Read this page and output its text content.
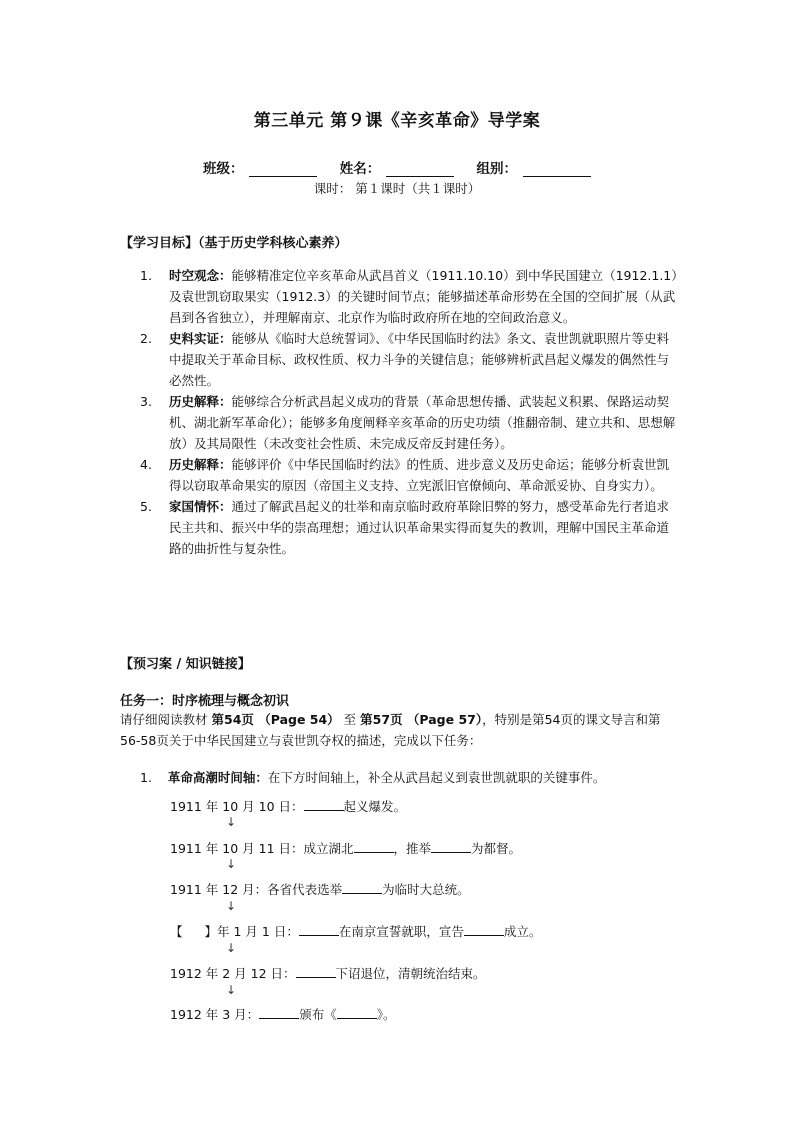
第三单元 第９课《辛亥革命》导学案
班级：	姓名：	组别：
课时： 第１课时（共１课时）
【学习目标】（基于历史学科核心素养）
1. 时空观念：能够精准定位辛亥革命从武昌首义（1911.10.10）到中华民国建立（1912.1.1）及袁世凯窃取果实（1912.3）的关键时间节点；能够描述革命形势在全国的空间扩展（从武昌到各省独立），并理解南京、北京作为临时政府所在地的空间政治意义。
2. 史料实证：能够从《临时大总统誓词》、《中华民国临时约法》条文、袁世凯就职照片等史料中提取关于革命目标、政权性质、权力斗争的关键信息；能够辨析武昌起义爆发的偶然性与必然性。
3. 历史解释：能够综合分析武昌起义成功的背景（革命思想传播、武装起义积累、保路运动契机、湖北新军革命化）；能够多角度阐释辛亥革命的历史功绩（推翻帝制、建立共和、思想解放）及其局限性（未改变社会性质、未完成反帝反封建任务）。
4. 历史解释：能够评价《中华民国临时约法》的性质、进步意义及历史命运；能够分析袁世凯得以窃取革命果实的原因（帝国主义支持、立宪派旧官僚倾向、革命派妥协、自身实力）。
5. 家国情怀：通过了解武昌起义的壮举和南京临时政府革除旧弊的努力，感受革命先行者追求民主共和、振兴中华的崇高理想；通过认识革命果实得而复失的教训，理解中国民主革命道路的曲折性与复杂性。
【预习案 / 知识链接】
任务一：时序梳理与概念初识
请仔细阅读教材 第54页 （Page 54） 至 第57页 （Page 57），特别是第54页的课文导言和第56-58页关于中华民国建立与袁世凯夺权的描述，完成以下任务：
1. 革命高潮时间轴：在下方时间轴上，补全从武昌起义到袁世凯就职的关键事件。
1911 年 10 月 10 日：	起义爆发。
↓
1911 年 10 月 11 日：成立湖北	，推举	为都督。
↓
1911 年 12 月：各省代表选举	为临时大总统。
↓
【 】年 1 月 1 日：	在南京宣誓就职，宣告	成立。
↓
1912 年 2 月 12 日：	下诏退位，清朝统治结束。
↓
1912 年 3 月：	颁布《	》。
